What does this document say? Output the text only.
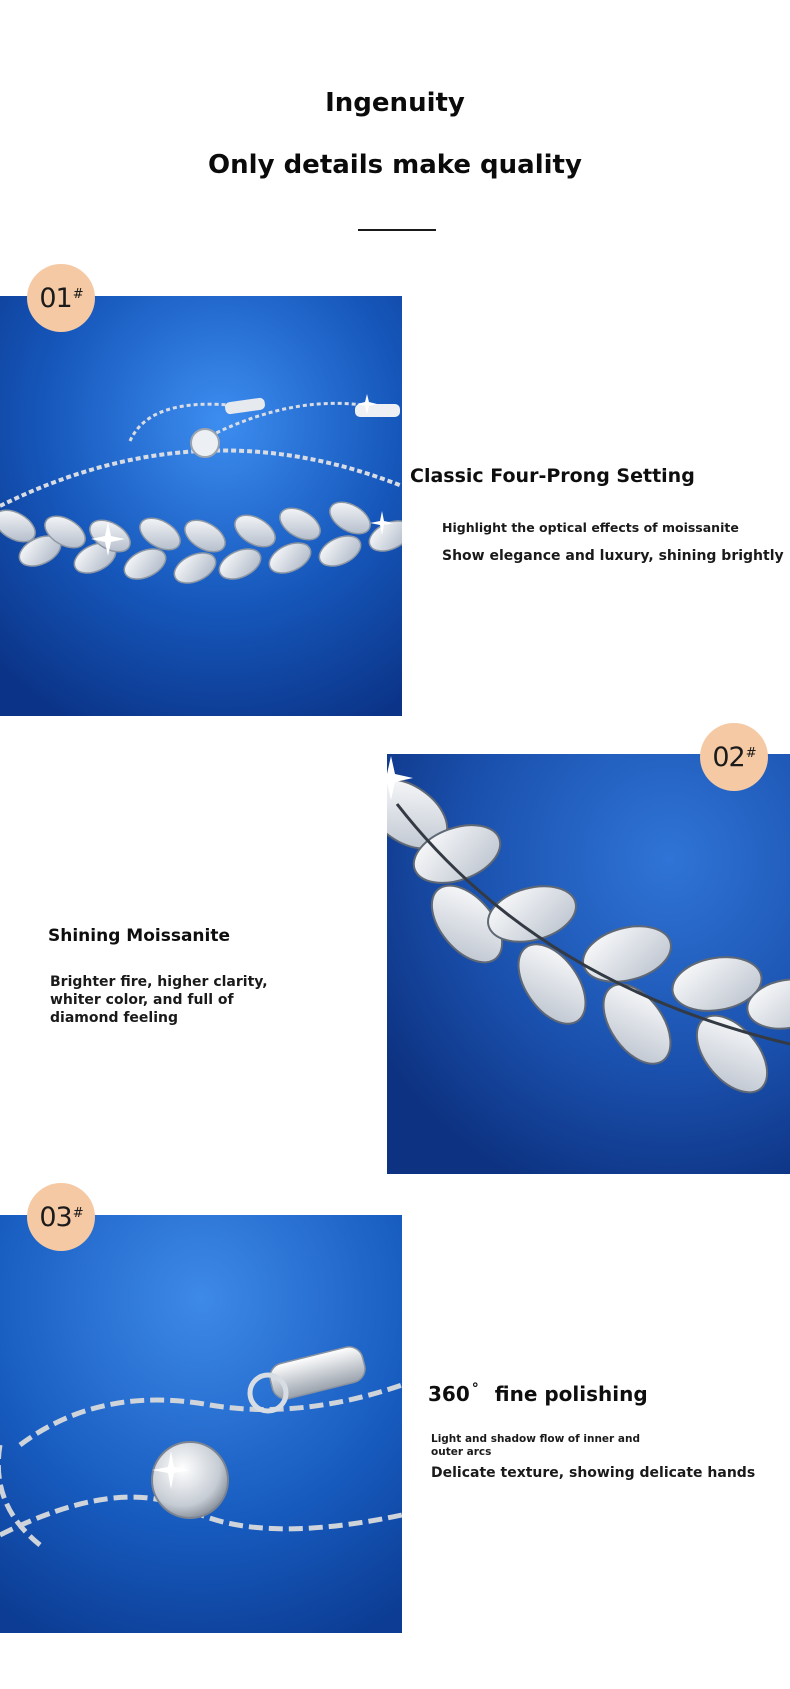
Ingenuity
Only details make quality
01#
Classic Four-Prong Setting
Highlight the optical effects of moissanite
Show elegance and luxury, shining brightly
Shining Moissanite
Brighter fire, higher clarity, whiter color, and full of diamond feeling
02#
03#
360 ° fine polishing
Light and shadow flow of inner and outer arcs
Delicate texture, showing delicate hands
